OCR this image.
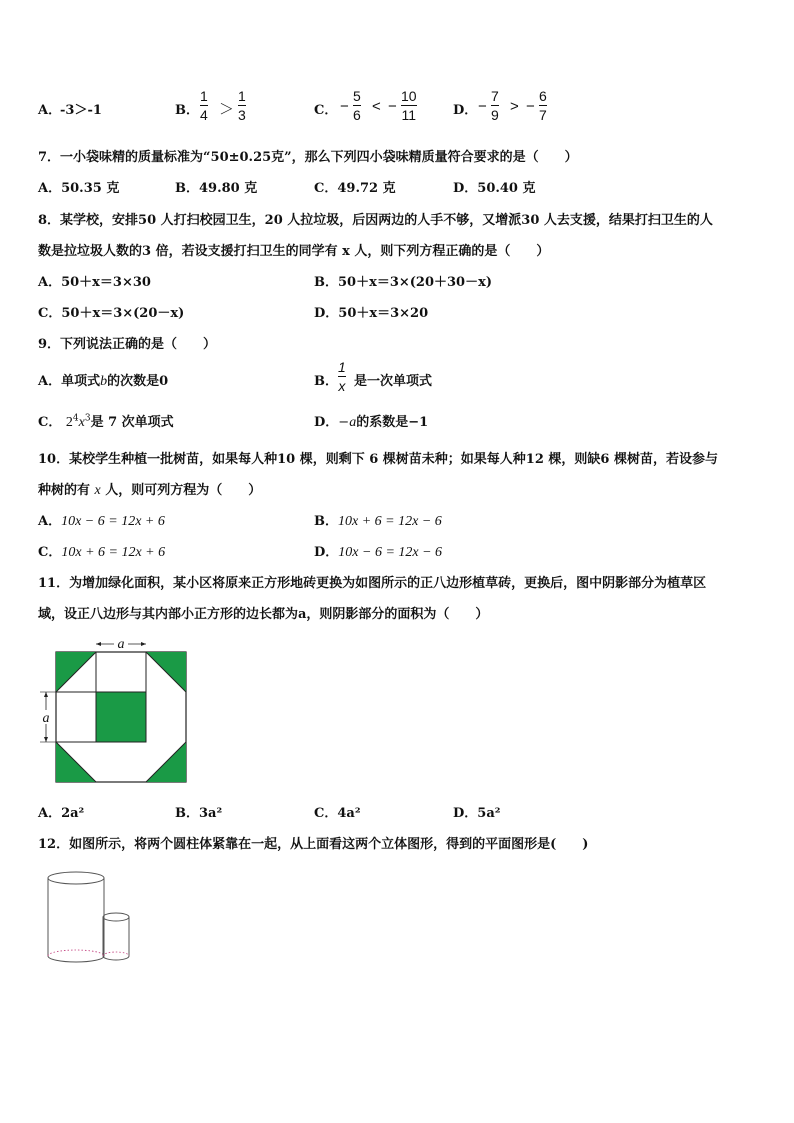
A．
-3＞-1	B．
1
4 ＞
1
3	C． −
5
6 < −
10
11	D． −
7
9 > −
6
7
7．一小袋味精的质量标准为“50±0.25克”，那么下列四小袋味精质量符合要求的是（　　）
A．50.35 克	B．49.80 克	C．49.72 克	D．50.40 克
8．某学校，安排50 人打扫校园卫生，20 人拉垃圾，后因两边的人手不够，又增派30 人去支援，结果打扫卫生的人
数是拉垃圾人数的3 倍，若设支援打扫卫生的同学有 x 人，则下列方程正确的是（　　）
A．50＋x＝3×30	B．50＋x＝3×(20＋30－x)
C．50＋x＝3×(20－x)	D．50＋x＝3×20
9．下列说法正确的是（　　）
A．单项式b的次数是0	B．
1
x 是一次单项式
C． $2^4x^3$是 7 次单项式	D．−a的系数是−1
10．某校学生种植一批树苗，如果每人种10 棵，则剩下 6 棵树苗未种；如果每人种12 棵，则缺6 棵树苗，若设参与
种树的有 x 人，则可列方程为（　　）
A．10x − 6 = 12x + 6	B．10x + 6 = 12x − 6
C．10x + 6 = 12x + 6	D．10x − 6 = 12x − 6
11．为增加绿化面积，某小区将原来正方形地砖更换为如图所示的正八边形植草砖，更换后，图中阴影部分为植草区
域，设正八边形与其内部小正方形的边长都为a，则阴影部分的面积为（　　）
a
a
A．2a²	B．3a²	C．4a²	D．5a²
12．如图所示，将两个圆柱体紧靠在一起，从上面看这两个立体图形，得到的平面图形是(　　)
